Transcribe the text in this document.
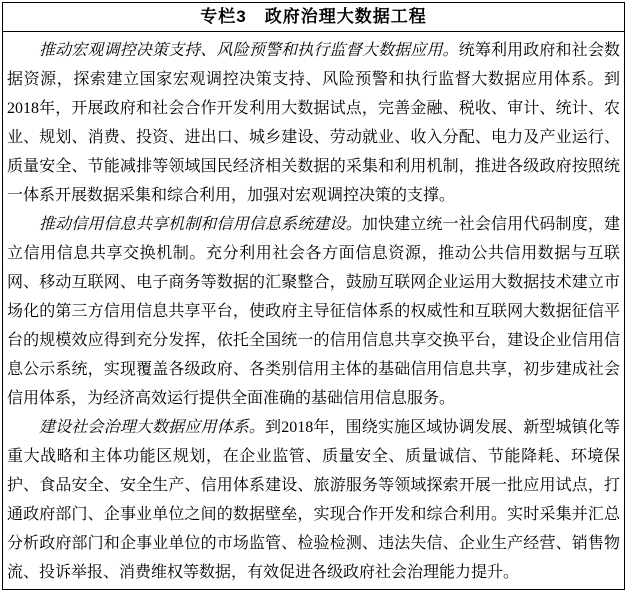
专栏3　政府治理大数据工程

推动宏观调控决策支持、风险预警和执行监督大数据应用。统筹利用政府和社会数据资源，探索建立国家宏观调控决策支持、风险预警和执行监督大数据应用体系。到2018年，开展政府和社会合作开发利用大数据试点，完善金融、税收、审计、统计、农业、规划、消费、投资、进出口、城乡建设、劳动就业、收入分配、电力及产业运行、质量安全、节能减排等领域国民经济相关数据的采集和利用机制，推进各级政府按照统一体系开展数据采集和综合利用，加强对宏观调控决策的支撑。

推动信用信息共享机制和信用信息系统建设。加快建立统一社会信用代码制度，建立信用信息共享交换机制。充分利用社会各方面信息资源，推动公共信用数据与互联网、移动互联网、电子商务等数据的汇聚整合，鼓励互联网企业运用大数据技术建立市场化的第三方信用信息共享平台，使政府主导征信体系的权威性和互联网大数据征信平台的规模效应得到充分发挥，依托全国统一的信用信息共享交换平台，建设企业信用信息公示系统，实现覆盖各级政府、各类别信用主体的基础信用信息共享，初步建成社会信用体系，为经济高效运行提供全面准确的基础信用信息服务。

建设社会治理大数据应用体系。到2018年，围绕实施区域协调发展、新型城镇化等重大战略和主体功能区规划，在企业监管、质量安全、质量诚信、节能降耗、环境保护、食品安全、安全生产、信用体系建设、旅游服务等领域探索开展一批应用试点，打通政府部门、企事业单位之间的数据壁垒，实现合作开发和综合利用。实时采集并汇总分析政府部门和企事业单位的市场监管、检验检测、违法失信、企业生产经营、销售物流、投诉举报、消费维权等数据，有效促进各级政府社会治理能力提升。
